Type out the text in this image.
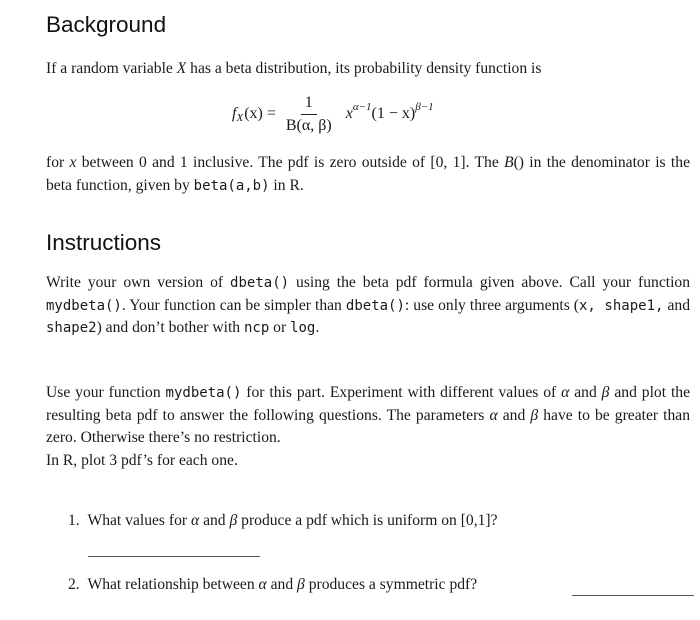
Background
If a random variable X has a beta distribution, its probability density function is
f X $(x) = \frac{1}{B(\alpha, \beta)}$ x α−1 (1 − x) β−1
for x between 0 and 1 inclusive. The pdf is zero outside of [0, 1]. The B() in the denominator is the beta function, given by beta(a,b) in R.
Instructions
Write your own version of dbeta() using the beta pdf formula given above. Call your function mydbeta(). Your function can be simpler than dbeta(): use only three arguments (x, shape1, and shape2) and don’t bother with ncp or log.
Use your function mydbeta() for this part. Experiment with different values of α and β and plot the resulting beta pdf to answer the following questions. The parameters α and β have to be greater than zero. Otherwise there’s no restriction.
In R, plot 3 pdf’s for each one.
1. What values for α and β produce a pdf which is uniform on [0,1]?
2. What relationship between α and β produces a symmetric pdf?
